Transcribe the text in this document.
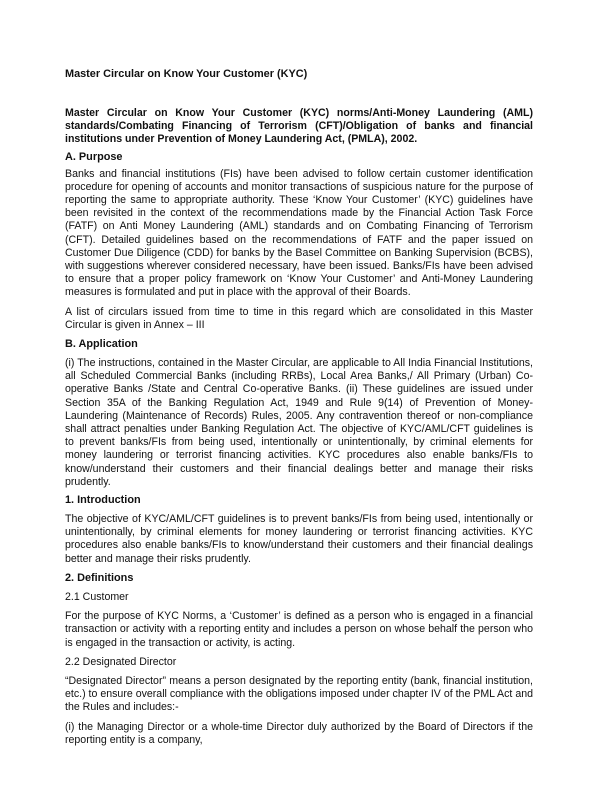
Master Circular on Know Your Customer (KYC)

Master Circular on Know Your Customer (KYC) norms/Anti-Money Laundering (AML) standards/Combating Financing of Terrorism (CFT)/Obligation of banks and financial institutions under Prevention of Money Laundering Act, (PMLA), 2002.

A. Purpose

Banks and financial institutions (FIs) have been advised to follow certain customer identification procedure for opening of accounts and monitor transactions of suspicious nature for the purpose of reporting the same to appropriate authority. These ‘Know Your Customer’ (KYC) guidelines have been revisited in the context of the recommendations made by the Financial Action Task Force (FATF) on Anti Money Laundering (AML) standards and on Combating Financing of Terrorism (CFT). Detailed guidelines based on the recommendations of FATF and the paper issued on Customer Due Diligence (CDD) for banks by the Basel Committee on Banking Supervision (BCBS), with suggestions wherever considered necessary, have been issued. Banks/FIs have been advised to ensure that a proper policy framework on ‘Know Your Customer’ and Anti-Money Laundering measures is formulated and put in place with the approval of their Boards.

A list of circulars issued from time to time in this regard which are consolidated in this Master Circular is given in Annex – III

B. Application

(i) The instructions, contained in the Master Circular, are applicable to All India Financial Institutions, all Scheduled Commercial Banks (including RRBs), Local Area Banks,/ All Primary (Urban) Co-operative Banks /State and Central Co-operative Banks. (ii) These guidelines are issued under Section 35A of the Banking Regulation Act, 1949 and Rule 9(14) of Prevention of Money-Laundering (Maintenance of Records) Rules, 2005. Any contravention thereof or non-compliance shall attract penalties under Banking Regulation Act. The objective of KYC/AML/CFT guidelines is to prevent banks/FIs from being used, intentionally or unintentionally, by criminal elements for money laundering or terrorist financing activities. KYC procedures also enable banks/FIs to know/understand their customers and their financial dealings better and manage their risks prudently.

1. Introduction

The objective of KYC/AML/CFT guidelines is to prevent banks/FIs from being used, intentionally or unintentionally, by criminal elements for money laundering or terrorist financing activities. KYC procedures also enable banks/FIs to know/understand their customers and their financial dealings better and manage their risks prudently.

2. Definitions

2.1 Customer

For the purpose of KYC Norms, a ‘Customer’ is defined as a person who is engaged in a financial transaction or activity with a reporting entity and includes a person on whose behalf the person who is engaged in the transaction or activity, is acting.

2.2 Designated Director

“Designated Director” means a person designated by the reporting entity (bank, financial institution, etc.) to ensure overall compliance with the obligations imposed under chapter IV of the PML Act and the Rules and includes:-

(i) the Managing Director or a whole-time Director duly authorized by the Board of Directors if the reporting entity is a company,
